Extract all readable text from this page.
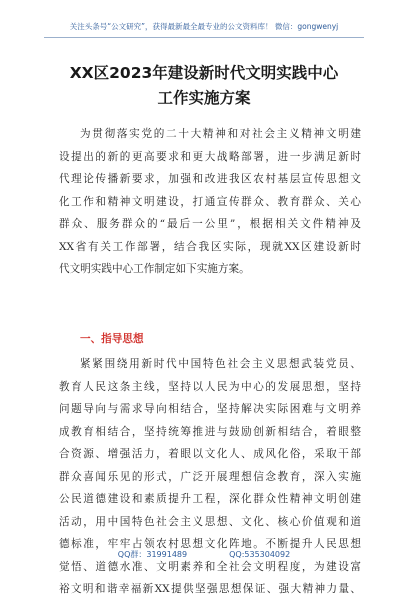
关注头条号“公文研究”，获得最新最全最专业的公文资料库！ 微信：gongwenyj
XX区2023年建设新时代文明实践中心
工作实施方案
为贯彻落实党的二十大精神和对社会主义精神文明建
设提出的新的更高要求和更大战略部署，进一步满足新时
代理论传播新要求，加强和改进我区农村基层宣传思想文
化工作和精神文明建设，打通宣传群众、教育群众、关心
群众、服务群众的“最后一公里”，根据相关文件精神及
XX省有关工作部署，结合我区实际，现就XX区建设新时
代文明实践中心工作制定如下实施方案。
一、指导思想
紧紧围绕用新时代中国特色社会主义思想武装党员、
教育人民这条主线，坚持以人民为中心的发展思想，坚持
问题导向与需求导向相结合，坚持解决实际困难与文明养
成教育相结合，坚持统筹推进与鼓励创新相结合，着眼整
合资源、增强活力，着眼以文化人、成风化俗，采取干部
群众喜闻乐见的形式，广泛开展理想信念教育，深入实施
公民道德建设和素质提升工程，深化群众性精神文明创建
活动，用中国特色社会主义思想、文化、核心价值观和道
德标准，牢牢占领农村思想文化阵地。不断提升人民思想
觉悟、道德水准、文明素养和全社会文明程度，为建设富
裕文明和谐幸福新XX提供坚强思想保证、强大精神力量、
QQ群：31991489	QQ:535304092
